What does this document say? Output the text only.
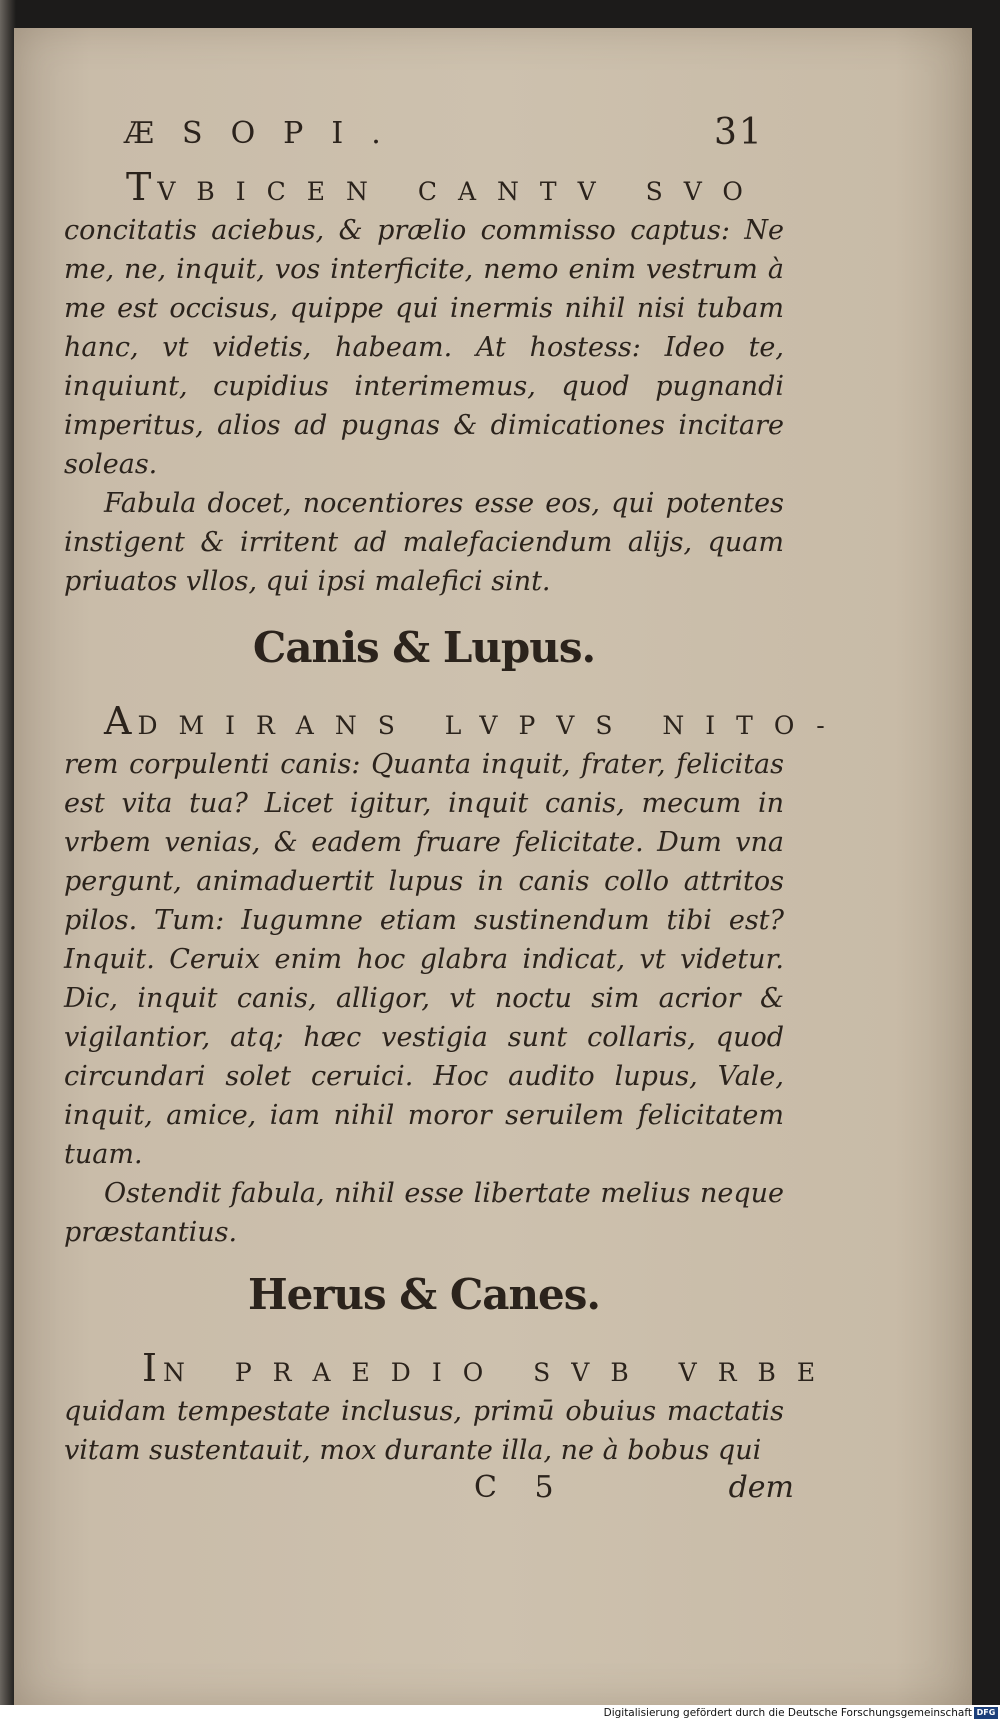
ÆSOPI.	31

TVBICEN CANTV SVO
concitatis aciebus, & prælio commisso captus: Ne me, ne, inquit, vos interficite, nemo enim vestrum à me est occisus, quippe qui inermis nihil nisi tubam hanc, vt videtis, habeam. At hostess: Ideo te, inquiunt, cupidius interimemus, quod pugnandi imperitus, alios ad pugnas & dimicationes incitare soleas.

Fabula docet, nocentiores esse eos, qui potentes instigent & irritent ad malefaciendum alijs, quam priuatos vllos, qui ipsi malefici sint.

Canis & Lupus.

ADMIRANS LVPVS NITO-
rem corpulenti canis: Quanta inquit, frater, felicitas est vita tua? Licet igitur, inquit canis, mecum in vrbem venias, & eadem fruare felicitate. Dum vna pergunt, animaduertit lupus in canis collo attritos pilos. Tum: Iugumne etiam sustinendum tibi est? Inquit. Ceruix enim hoc glabra indicat, vt videtur. Dic, inquit canis, alligor, vt noctu sim acrior & vigilantior, atq; hæc vestigia sunt collaris, quod circundari solet ceruici. Hoc audito lupus, Vale, inquit, amice, iam nihil moror seruilem felicitatem tuam.

Ostendit fabula, nihil esse libertate melius neque præstantius.

Herus & Canes.

IN PRAEDIO SVB VRBE
quidam tempestate inclusus, primū obuius mactatis vitam sustentauit, mox durante illa, ne à bobus qui

C 5	dem
Digitalisierung gefördert durch die Deutsche Forschungsgemeinschaft DFG
